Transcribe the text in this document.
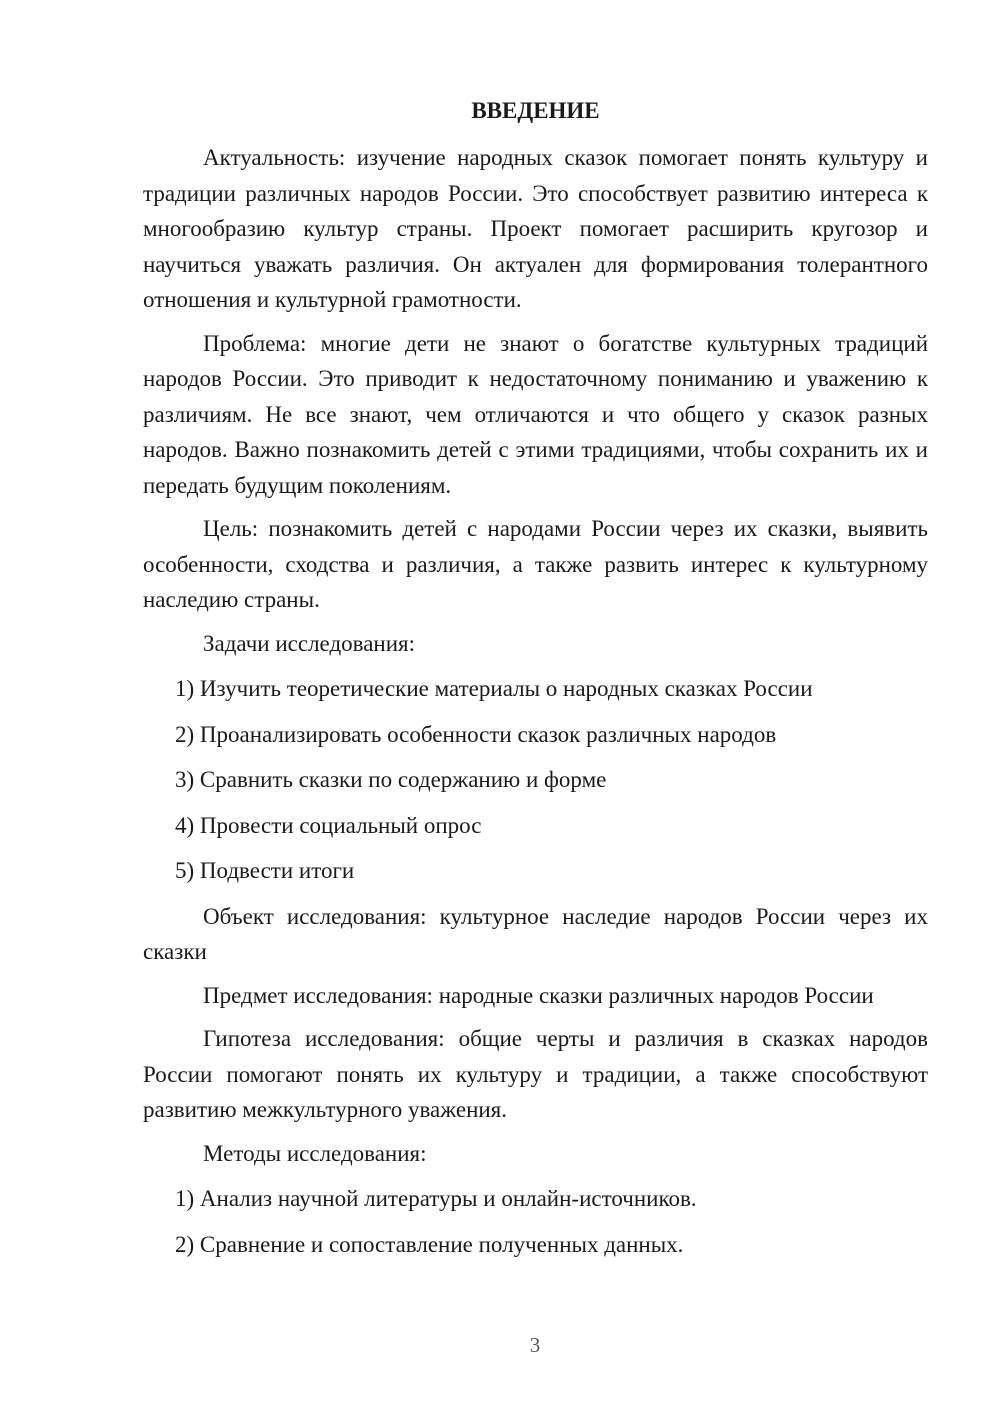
ВВЕДЕНИЕ

Актуальность: изучение народных сказок помогает понять культуру и традиции различных народов России. Это способствует развитию интереса к многообразию культур страны. Проект помогает расширить кругозор и научиться уважать различия. Он актуален для формирования толерантного отношения и культурной грамотности.

Проблема: многие дети не знают о богатстве культурных традиций народов России. Это приводит к недостаточному пониманию и уважению к различиям. Не все знают, чем отличаются и что общего у сказок разных народов. Важно познакомить детей с этими традициями, чтобы сохранить их и передать будущим поколениям.

Цель: познакомить детей с народами России через их сказки, выявить особенности, сходства и различия, а также развить интерес к культурному наследию страны.

Задачи исследования:

1) Изучить теоретические материалы о народных сказках России
2) Проанализировать особенности сказок различных народов
3) Сравнить сказки по содержанию и форме
4) Провести социальный опрос
5) Подвести итоги

Объект исследования: культурное наследие народов России через их сказки

Предмет исследования: народные сказки различных народов России

Гипотеза исследования: общие черты и различия в сказках народов России помогают понять их культуру и традиции, а также способствуют развитию межкультурного уважения.

Методы исследования:

1) Анализ научной литературы и онлайн-источников.
2) Сравнение и сопоставление полученных данных.
3
